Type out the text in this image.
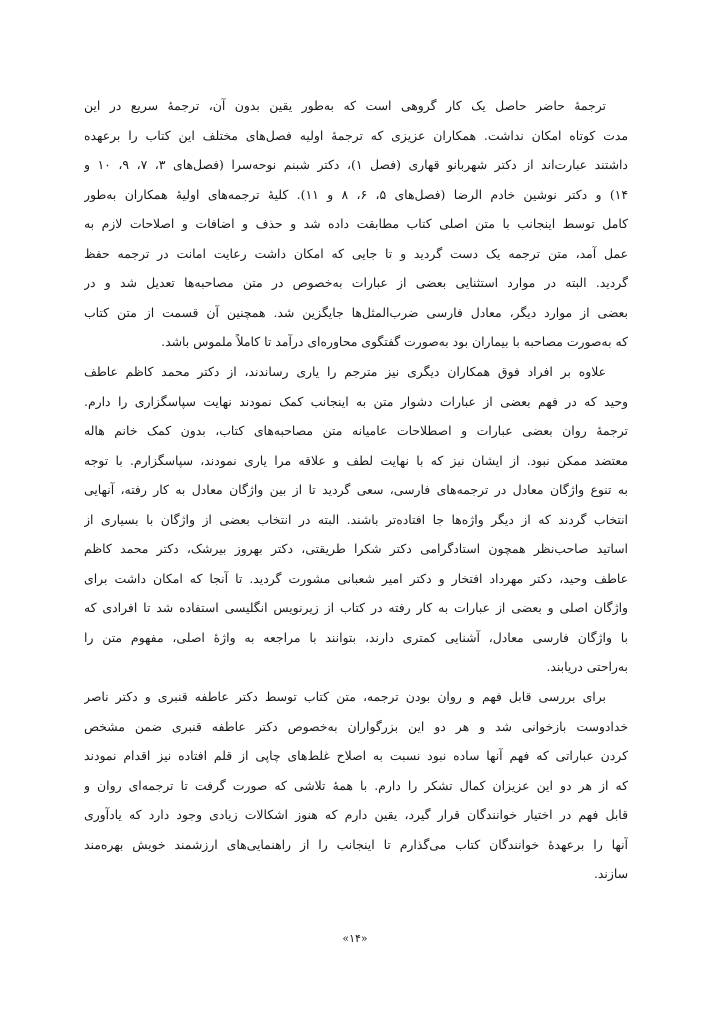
ترجمهٔ حاضر حاصل یک کار گروهی است که به‌طور یقین بدون آن، ترجمهٔ سریع در این
مدت کوتاه امکان نداشت. همکاران عزیزی که ترجمهٔ اولیه فصل‌های مختلف این کتاب را برعهده
داشتند عبارت‌اند از دکتر شهربانو قهاری (فصل ۱)، دکتر شبنم نوحه‌سرا (فصل‌های ۳، ۷، ۹، ۱۰ و
۱۴) و دکتر نوشین خادم الرضا (فصل‌های ۵، ۶، ۸ و ۱۱). کلیهٔ ترجمه‌های اولیهٔ همکاران به‌طور
کامل توسط اینجانب با متن اصلی کتاب مطابقت داده شد و حذف و اضافات و اصلاحات لازم به
عمل آمد، متن ترجمه یک دست گردید و تا جایی که امکان داشت رعایت امانت در ترجمه حفظ
گردید. البته در موارد استثنایی بعضی از عبارات به‌خصوص در متن مصاحبه‌ها تعدیل شد و در
بعضی از موارد دیگر، معادل فارسی ضرب‌المثل‌ها جایگزین شد. همچنین آن قسمت از متن کتاب
که به‌صورت مصاحبه با بیماران بود به‌صورت گفتگوی محاوره‌ای درآمد تا کاملاً ملموس باشد.
علاوه بر افراد فوق همکاران دیگری نیز مترجم را یاری رساندند، از دکتر محمد کاظم عاطف
وحید که در فهم بعضی از عبارات دشوار متن به اینجانب کمک نمودند نهایت سپاسگزاری را دارم.
ترجمهٔ روان بعضی عبارات و اصطلاحات عامیانه متن مصاحبه‌های کتاب، بدون کمک خانم هاله
معتضد ممکن نبود. از ایشان نیز که با نهایت لطف و علاقه مرا یاری نمودند، سپاسگزارم. با توجه
به تنوع واژگان معادل در ترجمه‌های فارسی، سعی گردید تا از بین واژگان معادل به کار رفته، آنهایی
انتخاب گردند که از دیگر واژه‌ها جا افتاده‌تر باشند. البته در انتخاب بعضی از واژگان با بسیاری از
اساتید صاحب‌نظر همچون استادگرامی دکتر شکرا طریقتی، دکتر بهروز بیرشک، دکتر محمد کاظم
عاطف وحید، دکتر مهرداد افتخار و دکتر امیر شعبانی مشورت گردید. تا آنجا که امکان داشت برای
واژگان اصلی و بعضی از عبارات به کار رفته در کتاب از زیرنویس انگلیسی استفاده شد تا افرادی که
با واژگان فارسی معادل، آشنایی کمتری دارند، بتوانند با مراجعه به واژهٔ اصلی، مفهوم متن را
به‌راحتی دریابند.
برای بررسی قابل فهم و روان بودن ترجمه، متن کتاب توسط دکتر عاطفه قنبری و دکتر ناصر
خدادوست بازخوانی شد و هر دو این بزرگواران به‌خصوص دکتر عاطفه قنبری ضمن مشخص
کردن عباراتی که فهم آنها ساده نبود نسبت به اصلاح غلط‌های چاپی از قلم افتاده نیز اقدام نمودند
که از هر دو این عزیزان کمال تشکر را دارم. با همهٔ تلاشی که صورت گرفت تا ترجمه‌ای روان و
قابل فهم در اختیار خوانندگان قرار گیرد، یقین دارم که هنوز اشکالات زیادی وجود دارد که یادآوری
آنها را برعهدهٔ خوانندگان کتاب می‌گذارم تا اینجانب را از راهنمایی‌های ارزشمند خویش بهره‌مند
سازند.
«۱۴»
